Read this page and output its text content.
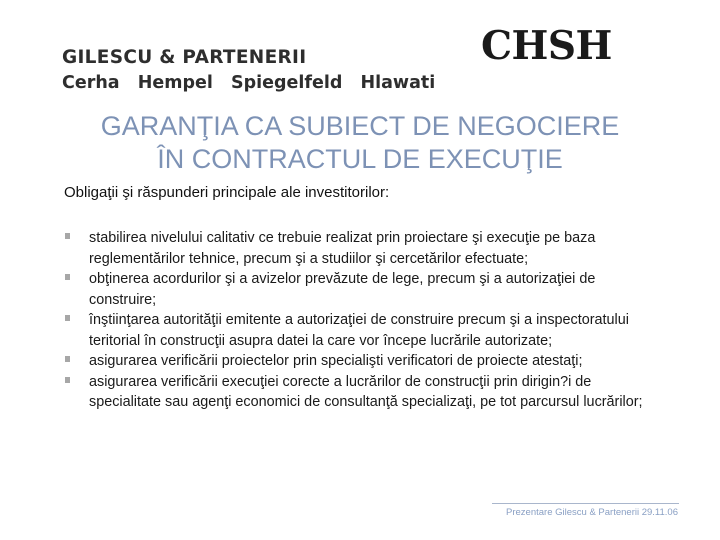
GILESCU & PARTENERII
Cerha Hempel Spiegelfeld Hlawati
CHSH
GARANŢIA CA SUBIECT DE NEGOCIERE
ÎN CONTRACTUL DE EXECUŢIE
Obligaţii şi răspunderi principale ale investitorilor:
stabilirea nivelului calitativ ce trebuie realizat prin proiectare şi execuţie pe baza reglementărilor tehnice, precum şi a studiilor şi cercetărilor efectuate;
obţinerea acordurilor şi a avizelor prevăzute de lege, precum şi a autorizaţiei de construire;
înştiinţarea autorităţii emitente a autorizaţiei de construire precum şi a inspectoratului teritorial în construcţii asupra datei la care vor începe lucrările autorizate;
asigurarea verificării proiectelor prin specialişti verificatori de proiecte atestaţi;
asigurarea verificării execuţiei corecte a lucrărilor de construcţii prin dirigin?i de specialitate sau agenţi economici de consultanţă specializaţi, pe tot parcursul lucrărilor;
Prezentare Gilescu & Partenerii 29.11.06
